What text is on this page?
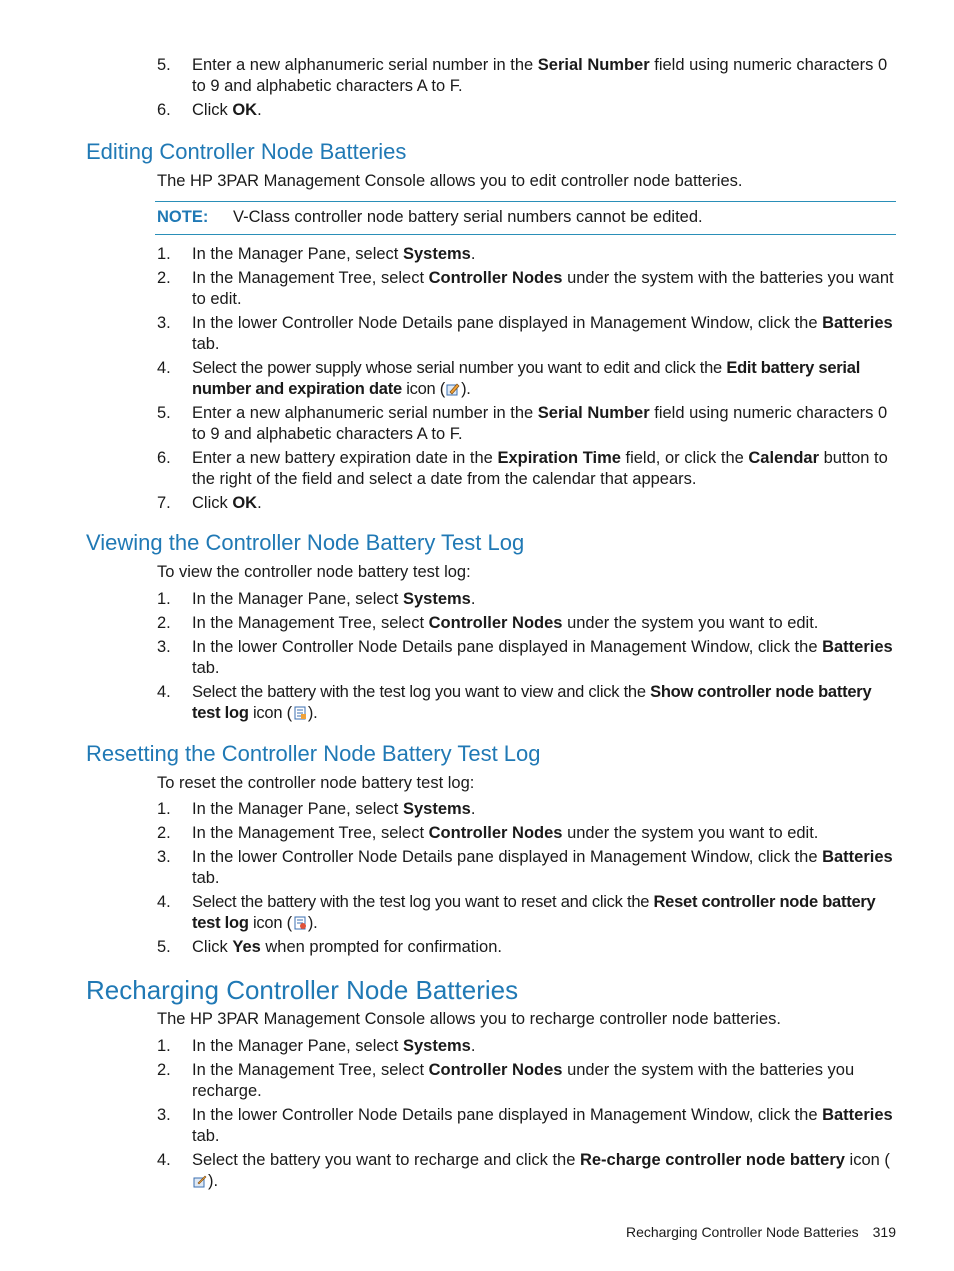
5.	Enter a new alphanumeric serial number in the Serial Number field using numeric characters 0 to 9 and alphabetic characters A to F.
6.	Click OK.
Editing Controller Node Batteries

The HP 3PAR Management Console allows you to edit controller node batteries.

NOTE: V-Class controller node battery serial numbers cannot be edited.
1.	In the Manager Pane, select Systems.
2.	In the Management Tree, select Controller Nodes under the system with the batteries you want to edit.
3.	In the lower Controller Node Details pane displayed in Management Window, click the Batteries tab.
4.	Select the power supply whose serial number you want to edit and click the Edit battery serial number and expiration date icon ( ).
5.	Enter a new alphanumeric serial number in the Serial Number field using numeric characters 0 to 9 and alphabetic characters A to F.
6.	Enter a new battery expiration date in the Expiration Time field, or click the Calendar button to the right of the field and select a date from the calendar that appears.
7.	Click OK.
Viewing the Controller Node Battery Test Log

To view the controller node battery test log:

1.	In the Manager Pane, select Systems.
2.	In the Management Tree, select Controller Nodes under the system you want to edit.
3.	In the lower Controller Node Details pane displayed in Management Window, click the Batteries tab.
4.	Select the battery with the test log you want to view and click the Show controller node battery test log icon ( ).
Resetting the Controller Node Battery Test Log

To reset the controller node battery test log:

1.	In the Manager Pane, select Systems.
2.	In the Management Tree, select Controller Nodes under the system you want to edit.
3.	In the lower Controller Node Details pane displayed in Management Window, click the Batteries tab.
4.	Select the battery with the test log you want to reset and click the Reset controller node battery test log icon ( ).
5.	Click Yes when prompted for confirmation.
Recharging Controller Node Batteries

The HP 3PAR Management Console allows you to recharge controller node batteries.

1.	In the Manager Pane, select Systems.
2.	In the Management Tree, select Controller Nodes under the system with the batteries you recharge.
3.	In the lower Controller Node Details pane displayed in Management Window, click the Batteries tab.
4.	Select the battery you want to recharge and click the Re-charge controller node battery icon ().
Recharging Controller Node Batteries 319
